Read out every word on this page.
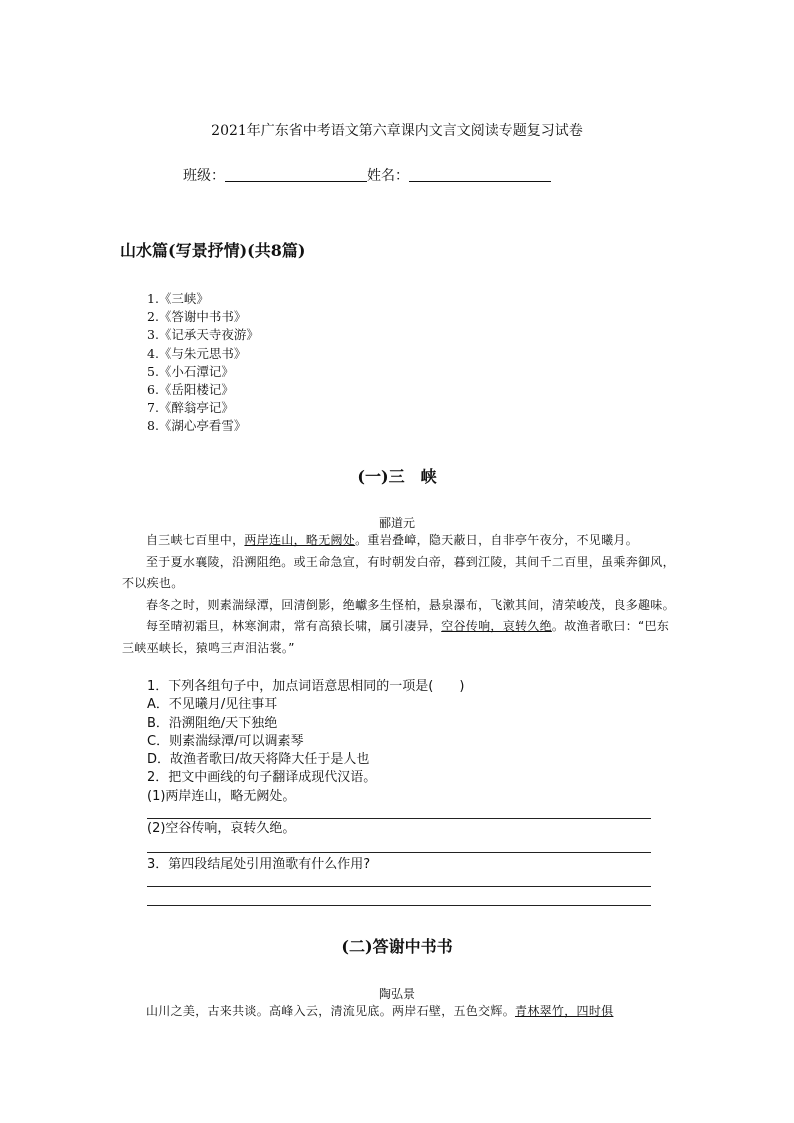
2021年广东省中考语文第六章课内文言文阅读专题复习试卷
班级：	姓名：
山水篇(写景抒情)(共8篇)
1.《三峡》
2.《答谢中书书》
3.《记承天寺夜游》
4.《与朱元思书》
5.《小石潭记》
6.《岳阳楼记》
7.《醉翁亭记》
8.《湖心亭看雪》
(一)三　峡
郦道元

自三峡七百里中，两岸连山，略无阙处。重岩叠嶂，隐天蔽日，自非亭午夜分，不见曦月。

至于夏水襄陵，沿溯阻绝。或王命急宣，有时朝发白帝，暮到江陵，其间千二百里，虽乘奔御风，不以疾也。

春冬之时，则素湍绿潭，回清倒影，绝巘多生怪柏，悬泉瀑布，飞漱其间，清荣峻茂，良多趣味。

每至晴初霜旦，林寒涧肃，常有高猿长啸，属引凄异，空谷传响，哀转久绝。故渔者歌曰：“巴东三峡巫峡长，猿鸣三声泪沾裳。”

1．下列各组句子中，加点词语意思相同的一项是(　　)
A．不见曦月/见往事耳
B．沿溯阻绝/天下独绝
C．则素湍绿潭/可以调素琴
D．故渔者歌曰/故天将降大任于是人也
2．把文中画线的句子翻译成现代汉语。
(1)两岸连山，略无阙处。
(2)空谷传响，哀转久绝。
3．第四段结尾处引用渔歌有什么作用?
(二)答谢中书书
陶弘景

山川之美，古来共谈。高峰入云，清流见底。两岸石壁，五色交辉。青林翠竹，四时俱
